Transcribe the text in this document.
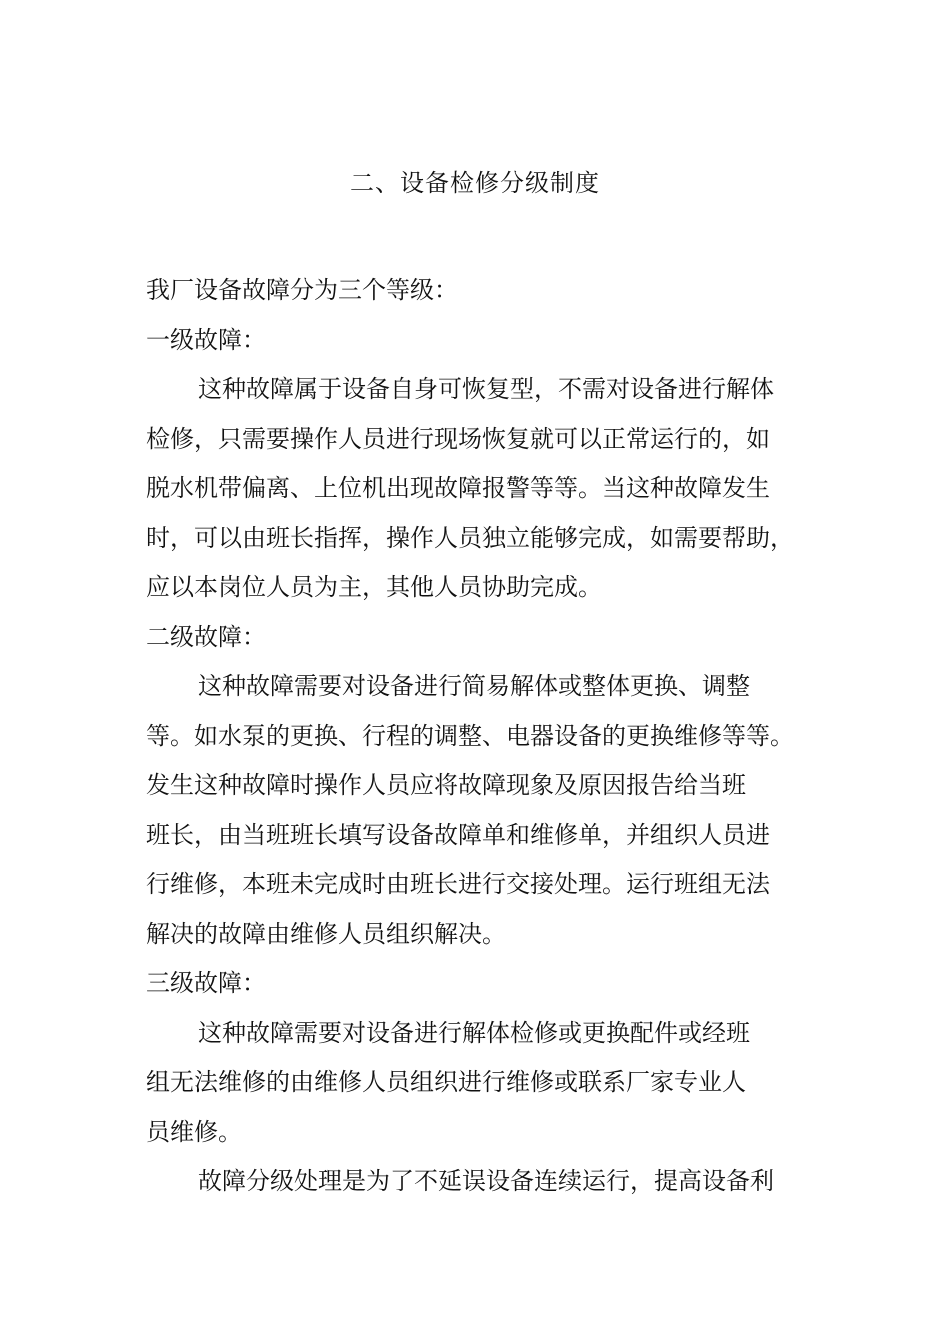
二、设备检修分级制度

我厂设备故障分为三个等级：

一级故障：

这种故障属于设备自身可恢复型，不需对设备进行解体
检修，只需要操作人员进行现场恢复就可以正常运行的，如
脱水机带偏离、上位机出现故障报警等等。当这种故障发生
时，可以由班长指挥，操作人员独立能够完成，如需要帮助，
应以本岗位人员为主，其他人员协助完成。

二级故障：

这种故障需要对设备进行简易解体或整体更换、调整
等。如水泵的更换、行程的调整、电器设备的更换维修等等。
发生这种故障时操作人员应将故障现象及原因报告给当班
班长，由当班班长填写设备故障单和维修单，并组织人员进
行维修，本班未完成时由班长进行交接处理。运行班组无法
解决的故障由维修人员组织解决。

三级故障：

这种故障需要对设备进行解体检修或更换配件或经班
组无法维修的由维修人员组织进行维修或联系厂家专业人
员维修。

故障分级处理是为了不延误设备连续运行，提高设备利
